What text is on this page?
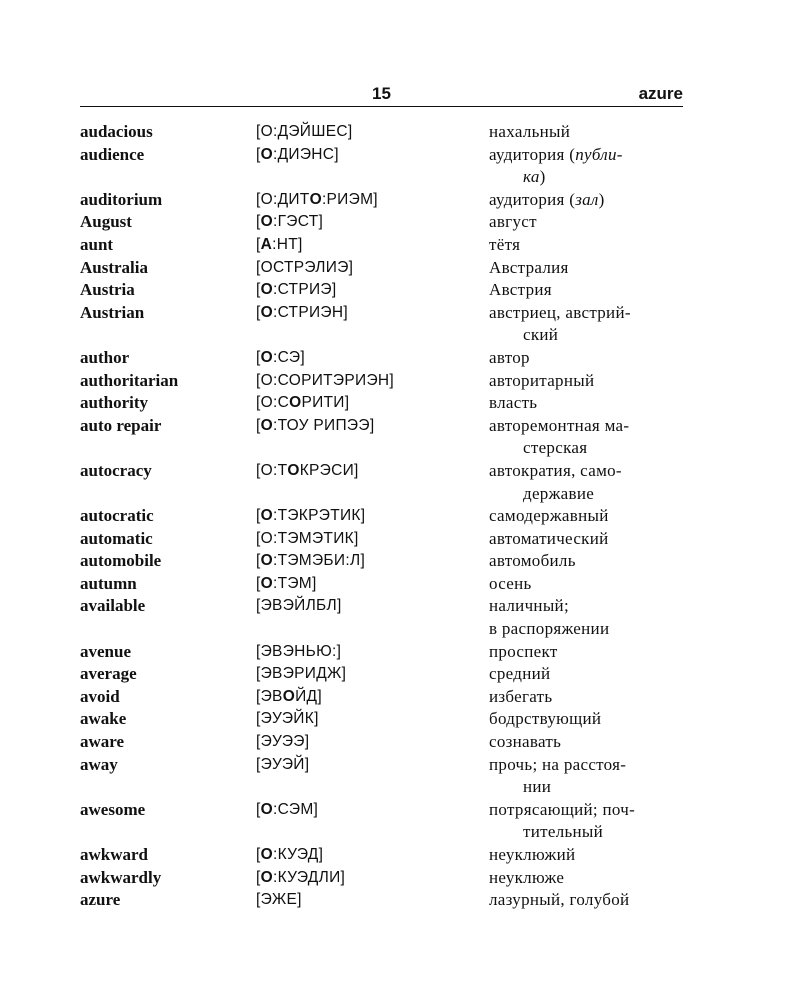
15	azure
audacious	[О:ДЭЙШЕС]	нахальный
audience	[О:ДИЭНС]	аудитория (публи-
ка)
auditorium	[О:ДИТО:РИЭМ]	аудитория (зал)
August	[О:ГЭСТ]	август
aunt	[А:НТ]	тётя
Australia	[ОСТРЭЛИЭ]	Австралия
Austria	[О:СТРИЭ]	Австрия
Austrian	[О:СТРИЭН]	австриец, австрий-
ский
author	[О:СЭ]	автор
authoritarian	[О:СОРИТЭРИЭН]	авторитарный
authority	[О:СОРИТИ]	власть
auto repair	[О:ТОУ РИПЭЭ]	авторемонтная ма-
стерская
autocracy	[О:ТОКРЭСИ]	автократия, само-
державие
autocratic	[О:ТЭКРЭТИК]	самодержавный
automatic	[О:ТЭМЭТИК]	автоматический
automobile	[О:ТЭМЭБИ:Л]	автомобиль
autumn	[О:ТЭМ]	осень
available	[ЭВЭЙЛБЛ]	наличный;
в распоряжении
avenue	[ЭВЭНЬЮ:]	проспект
average	[ЭВЭРИДЖ]	средний
avoid	[ЭВОЙД]	избегать
awake	[ЭУЭЙК]	бодрствующий
aware	[ЭУЭЭ]	сознавать
away	[ЭУЭЙ]	прочь; на расстоя-
нии
awesome	[О:СЭМ]	потрясающий; поч-
тительный
awkward	[О:КУЭД]	неуклюжий
awkwardly	[О:КУЭДЛИ]	неуклюже
azure	[ЭЖЕ]	лазурный, голубой
